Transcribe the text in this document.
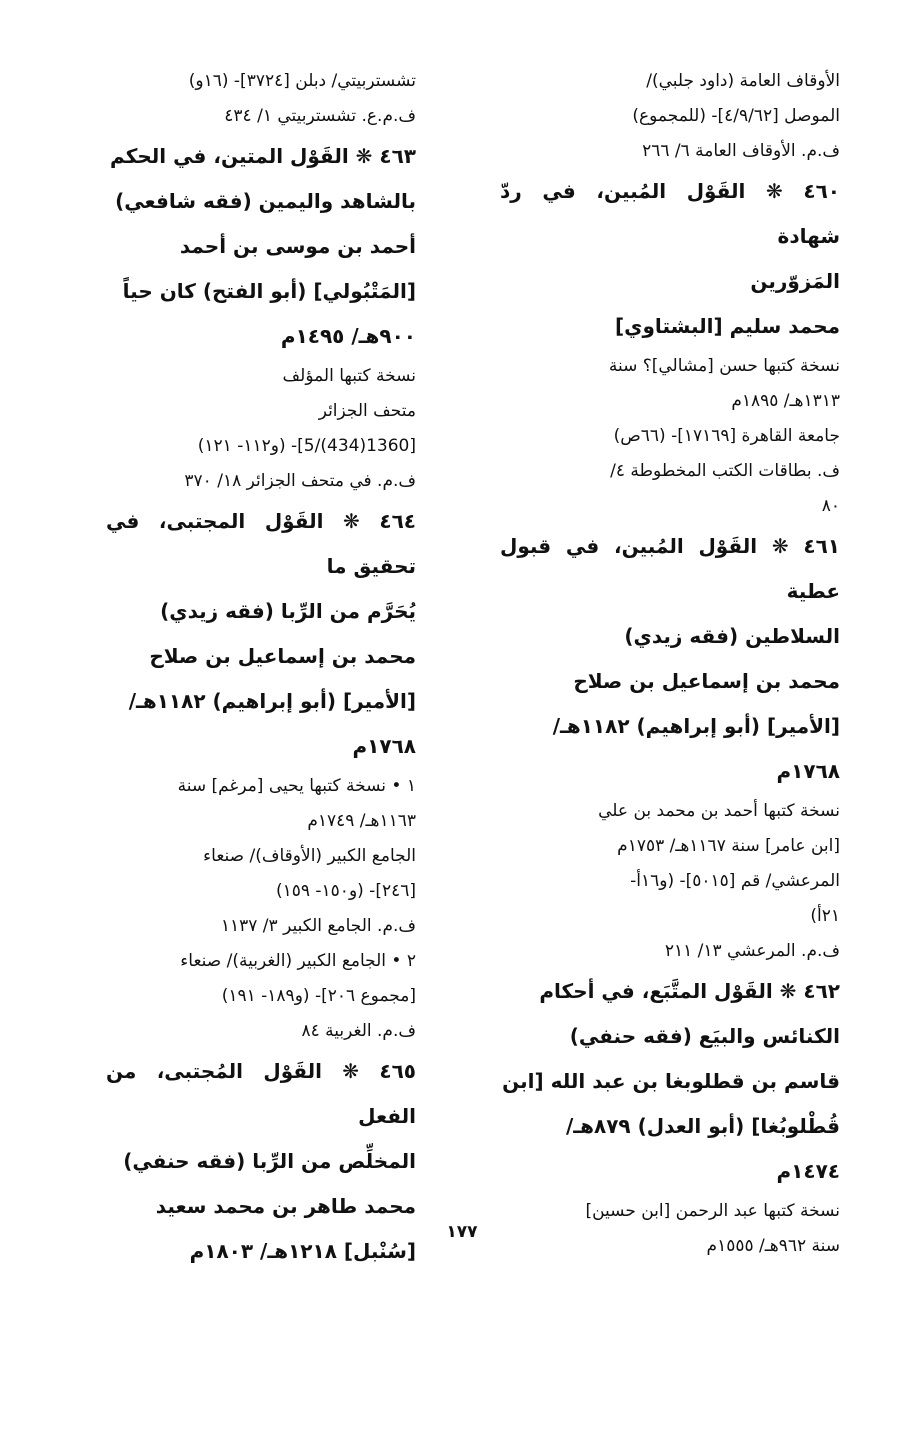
الأوقاف العامة (داود جلبي)/
الموصل [٤/٩/٦٢]- (للمجموع)
ف.م. الأوقاف العامة ٦/ ٢٦٦
٤٦٠ ❋ القَوْل المُبين، في ردّ شهادة
المَزوّرين
محمد سليم [البشتاوي]
نسخة كتبها حسن [مشالي]؟ سنة
١٣١٣هـ/ ١٨٩٥م
جامعة القاهرة [١٧١٦٩]- (٦٦ص)
ف. بطاقات الكتب المخطوطة ٤/
٨٠
٤٦١ ❋ القَوْل المُبين، في قبول عطية
السلاطين (فقه زيدي)
محمد بن إسماعيل بن صلاح
[الأمير] (أبو إبراهيم) ١١٨٢هـ/
١٧٦٨م
نسخة كتبها أحمد بن محمد بن علي
[ابن عامر] سنة ١١٦٧هـ/ ١٧٥٣م
المرعشي/ قم [٥٠١٥]- (و١٦أ-
٢١أ)
ف.م. المرعشي ١٣/ ٢١١
٤٦٢ ❋ القَوْل المتَّبَع، في أحكام
الكنائس والبيَع (فقه حنفي)
قاسم بن قطلوبغا بن عبد الله [ابن
قُطْلوبُغا] (أبو العدل) ٨٧٩هـ/
١٤٧٤م
نسخة كتبها عبد الرحمن [ابن حسين]
سنة ٩٦٢هـ/ ١٥٥٥م
تشستربيتي/ دبلن [٣٧٢٤]- (١٦و)
ف.م.ع. تشستربيتي ١/ ٤٣٤
٤٦٣ ❋ القَوْل المتين، في الحكم
بالشاهد واليمين (فقه شافعي)
أحمد بن موسى بن أحمد
[المَتْبُولي] (أبو الفتح) كان حياً
٩٠٠هـ/ ١٤٩٥م
نسخة كتبها المؤلف
متحف الجزائر
[1360(434)/5]- (و١١٢- ١٢١)
ف.م. في متحف الجزائر ١٨/ ٣٧٠
٤٦٤ ❋ القَوْل المجتبى، في تحقيق ما
يُحَرَّم من الرِّبا (فقه زيدي)
محمد بن إسماعيل بن صلاح
[الأمير] (أبو إبراهيم) ١١٨٢هـ/
١٧٦٨م
١ • نسخة كتبها يحيى [مرغم] سنة
١١٦٣هـ/ ١٧٤٩م
الجامع الكبير (الأوقاف)/ صنعاء
[٢٤٦]- (و١٥٠- ١٥٩)
ف.م. الجامع الكبير ٣/ ١١٣٧
٢ • الجامع الكبير (الغربية)/ صنعاء
[مجموع ٢٠٦]- (و١٨٩- ١٩١)
ف.م. الغربية ٨٤
٤٦٥ ❋ القَوْل المُجتبى، من الفعل
المخلِّص من الرِّبا (فقه حنفي)
محمد طاهر بن محمد سعيد
[سُنْبل] ١٢١٨هـ/ ١٨٠٣م
١٧٧
